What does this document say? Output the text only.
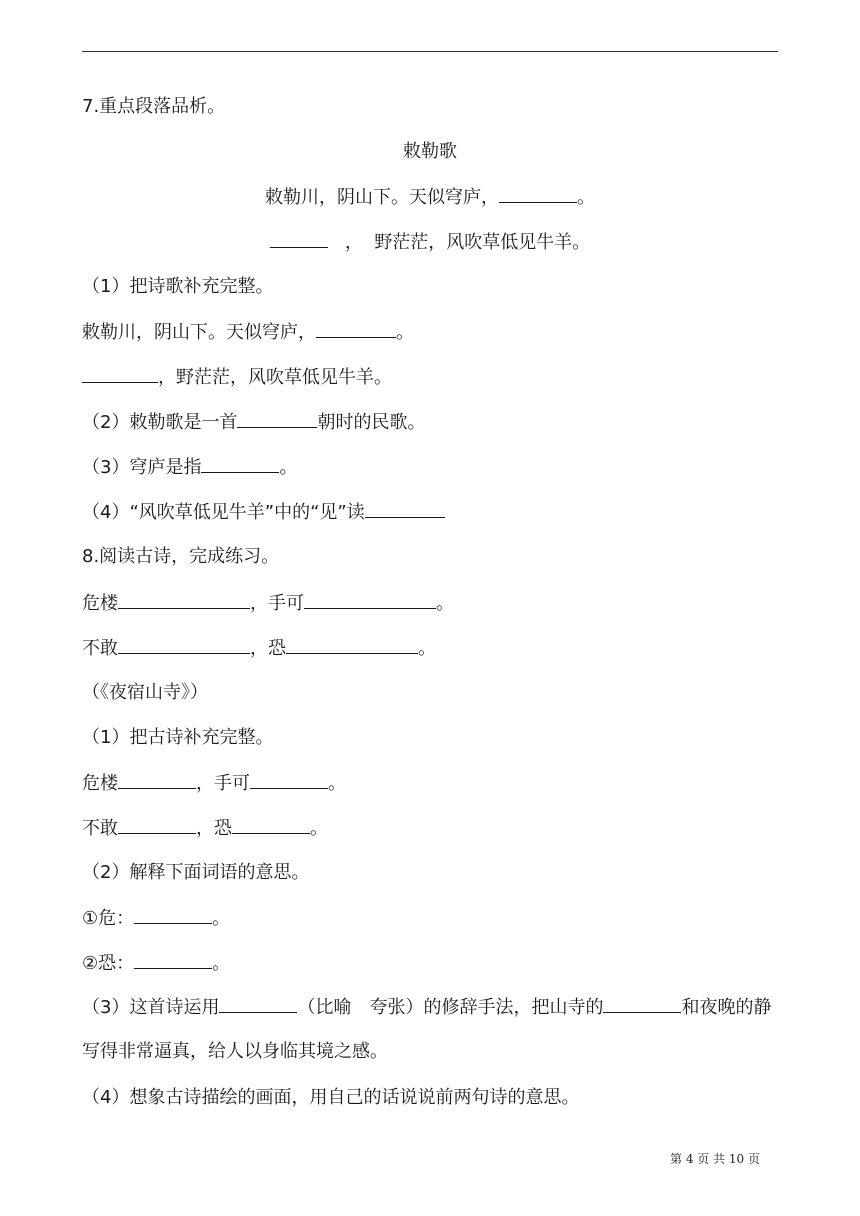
7.重点段落品析。
敕勒歌
敕勒川，阴山下。天似穹庐，	。
， 野茫茫，风吹草低见牛羊。
（1）把诗歌补充完整。
敕勒川，阴山下。天似穹庐，	。
，野茫茫，风吹草低见牛羊。
（2）敕勒歌是一首	朝时的民歌。
（3）穹庐是指	。
（4）“风吹草低见牛羊”中的“见”读
8.阅读古诗，完成练习。
危楼	，手可	。
不敢	，恐	。
（《夜宿山寺》）
（1）把古诗补充完整。
危楼	，手可	。
不敢	，恐	。
（2）解释下面词语的意思。
①危：	。
②恐：	。
（3）这首诗运用	（比喻　夸张）的修辞手法，把山寺的	和夜晚的静写得非常逼真，给人以身临其境之感。
（4）想象古诗描绘的画面，用自己的话说说前两句诗的意思。
第 4 页 共 10 页
